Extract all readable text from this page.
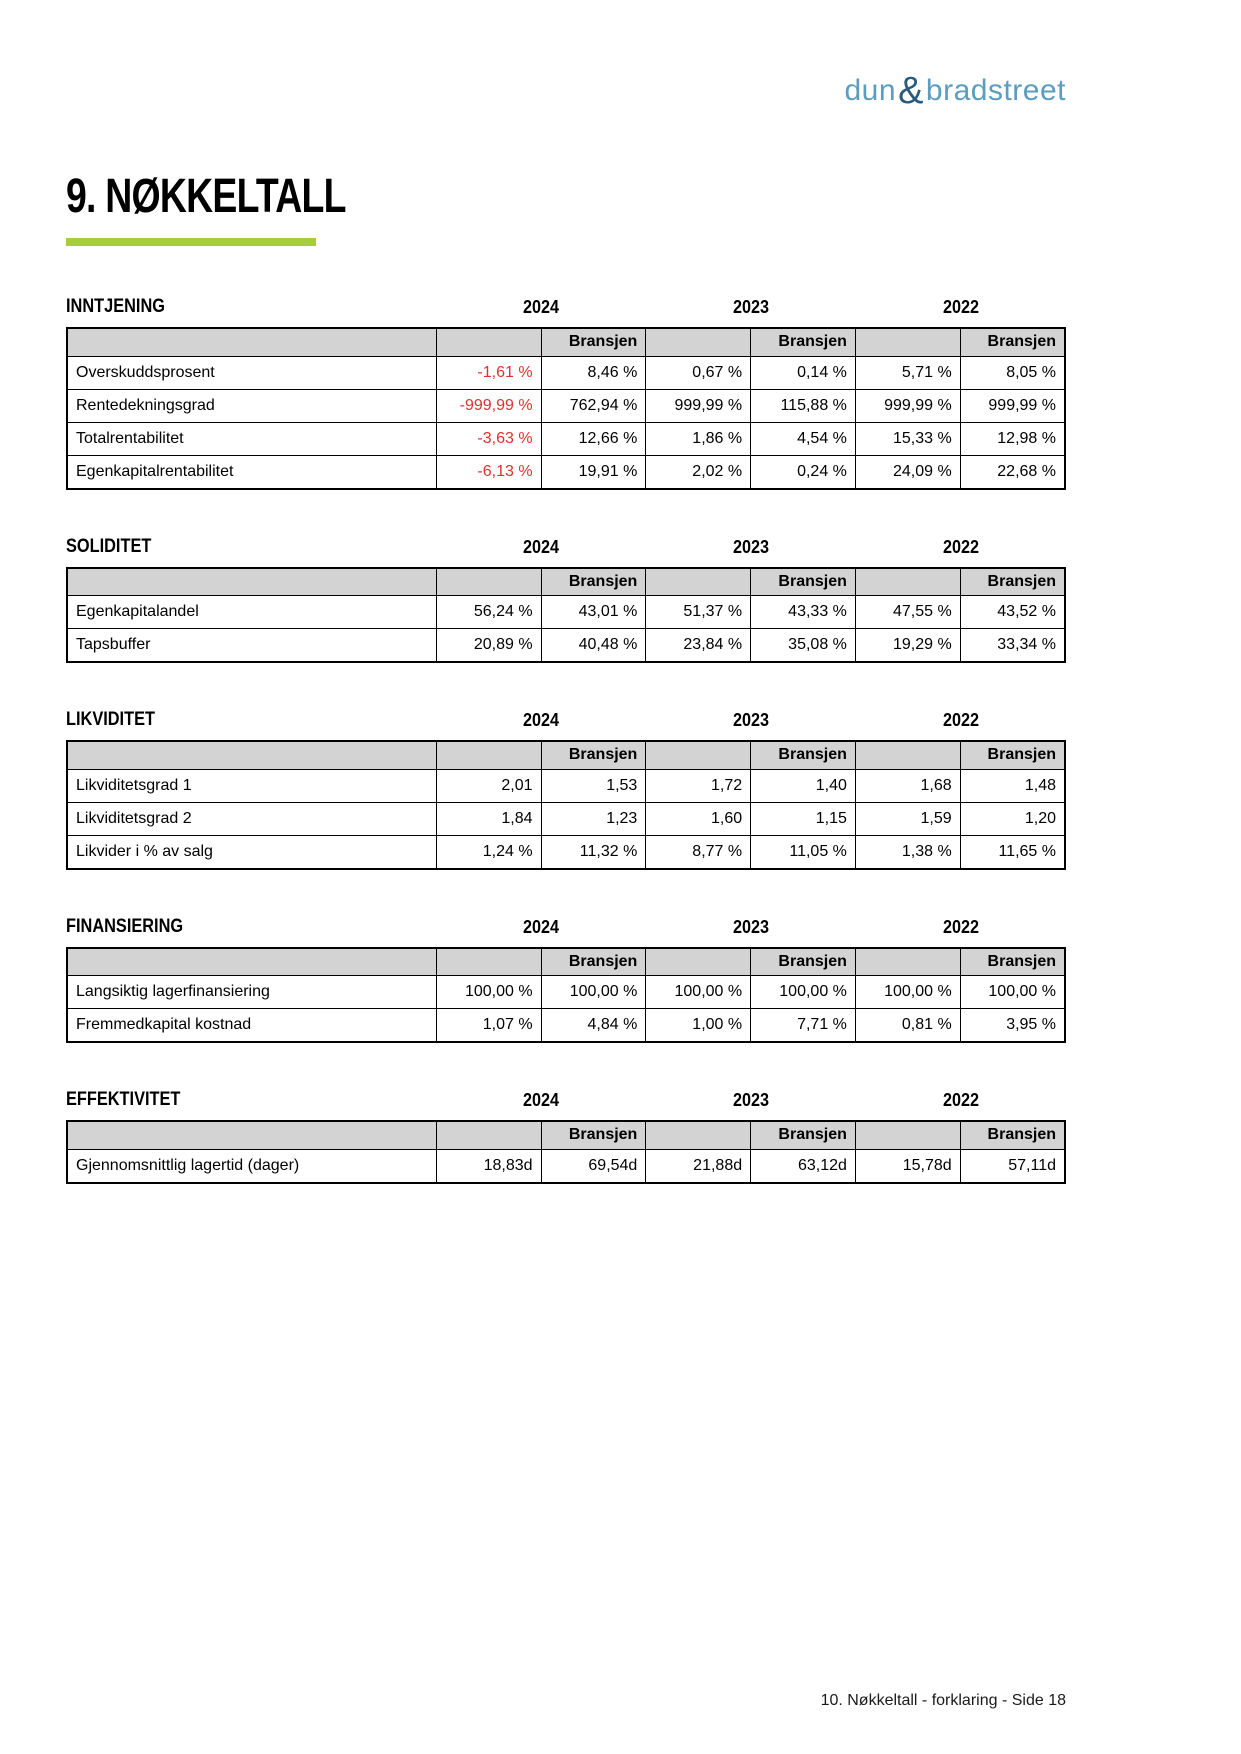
dun&bradstreet
9. NØKKELTALL
INNTJENING	2024	2023	2022
		Bransjen		Bransjen		Bransjen
Overskuddsprosent	-1,61 %	8,46 %	0,67 %	0,14 %	5,71 %	8,05 %
Rentedekningsgrad	-999,99 %	762,94 %	999,99 %	115,88 %	999,99 %	999,99 %
Totalrentabilitet	-3,63 %	12,66 %	1,86 %	4,54 %	15,33 %	12,98 %
Egenkapitalrentabilitet	-6,13 %	19,91 %	2,02 %	0,24 %	24,09 %	22,68 %
SOLIDITET	2024	2023	2022
		Bransjen		Bransjen		Bransjen
Egenkapitalandel	56,24 %	43,01 %	51,37 %	43,33 %	47,55 %	43,52 %
Tapsbuffer	20,89 %	40,48 %	23,84 %	35,08 %	19,29 %	33,34 %
LIKVIDITET	2024	2023	2022
		Bransjen		Bransjen		Bransjen
Likviditetsgrad 1	2,01	1,53	1,72	1,40	1,68	1,48
Likviditetsgrad 2	1,84	1,23	1,60	1,15	1,59	1,20
Likvider i % av salg	1,24 %	11,32 %	8,77 %	11,05 %	1,38 %	11,65 %
FINANSIERING	2024	2023	2022
		Bransjen		Bransjen		Bransjen
Langsiktig lagerfinansiering	100,00 %	100,00 %	100,00 %	100,00 %	100,00 %	100,00 %
Fremmedkapital kostnad	1,07 %	4,84 %	1,00 %	7,71 %	0,81 %	3,95 %
EFFEKTIVITET	2024	2023	2022
		Bransjen		Bransjen		Bransjen
Gjennomsnittlig lagertid (dager)	18,83d	69,54d	21,88d	63,12d	15,78d	57,11d
10. Nøkkeltall - forklaring - Side 18
